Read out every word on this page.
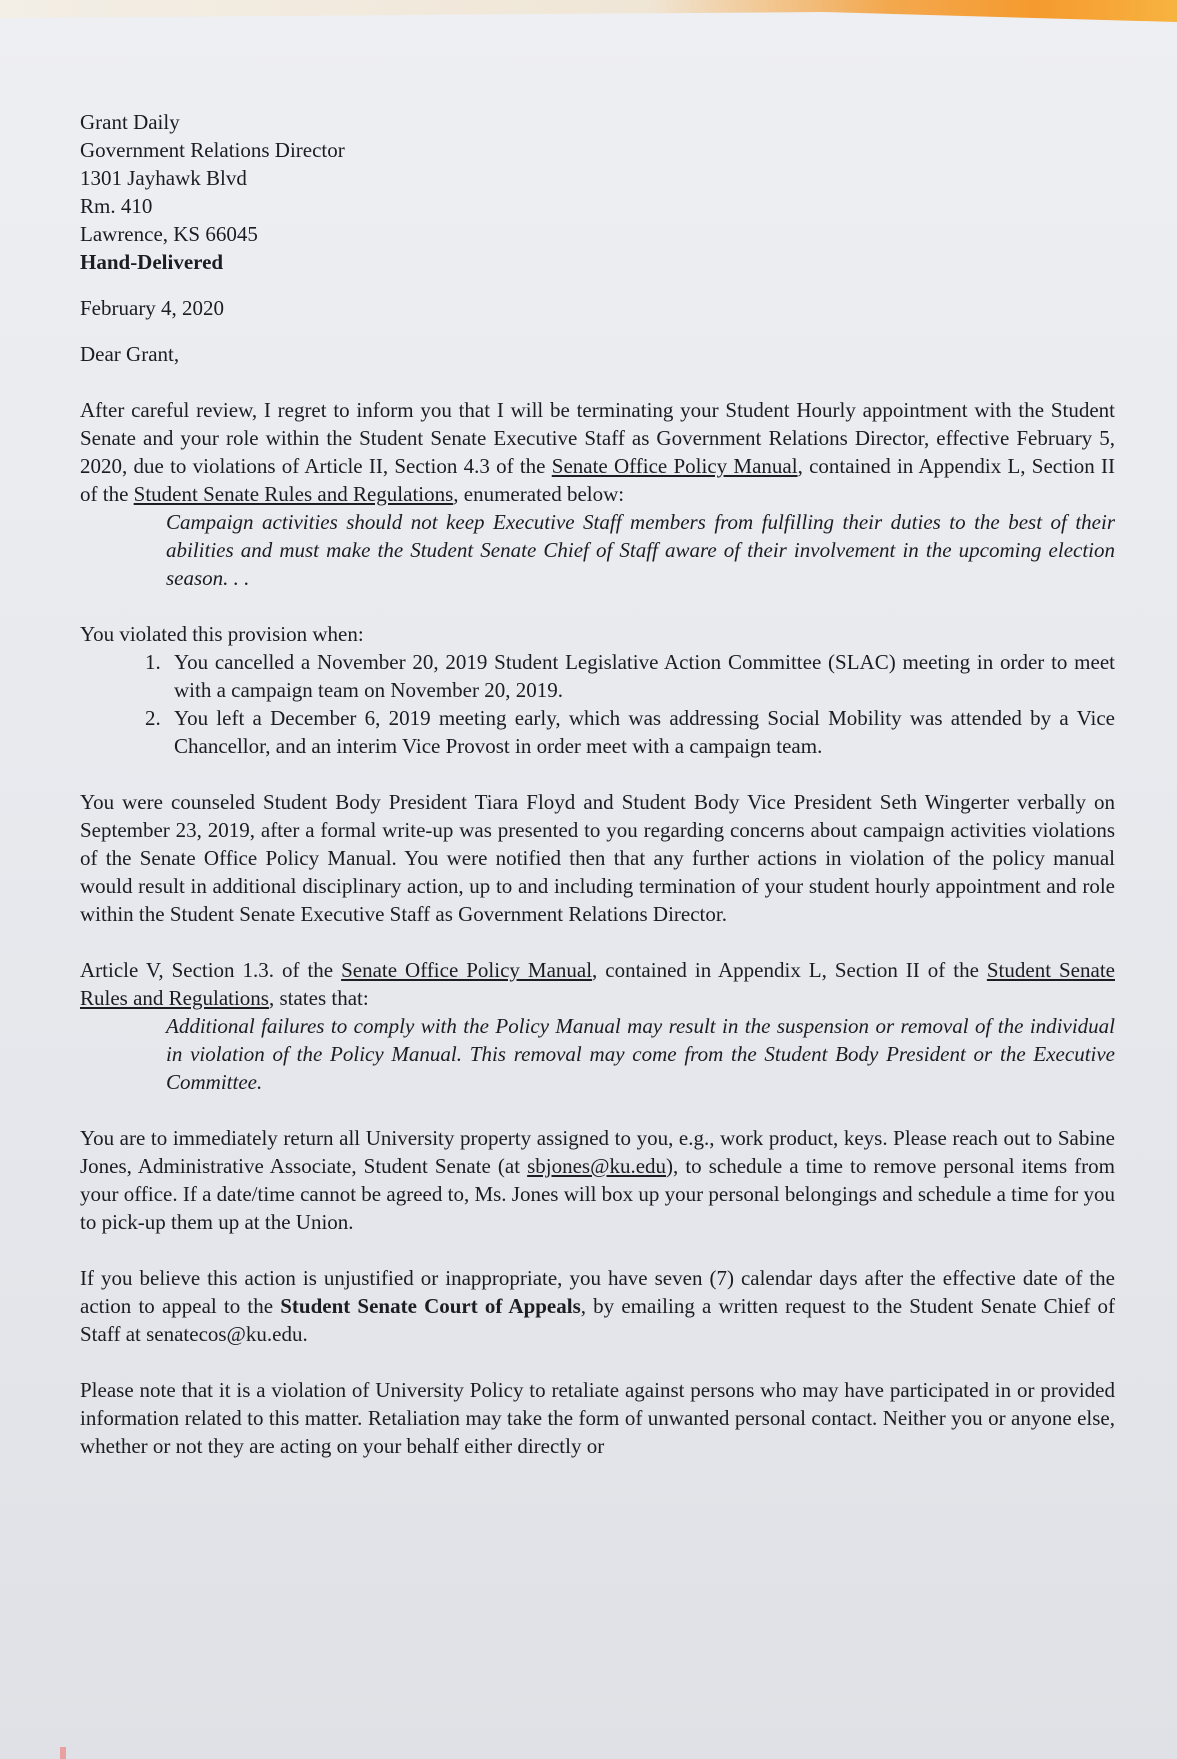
Grant Daily
Government Relations Director
1301 Jayhawk Blvd
Rm. 410
Lawrence, KS 66045
Hand-Delivered
February 4, 2020
Dear Grant,

After careful review, I regret to inform you that I will be terminating your Student Hourly appointment with the Student Senate and your role within the Student Senate Executive Staff as Government Relations Director, effective February 5, 2020, due to violations of Article II, Section 4.3 of the Senate Office Policy Manual, contained in Appendix L, Section II of the Student Senate Rules and Regulations, enumerated below:

Campaign activities should not keep Executive Staff members from fulfilling their duties to the best of their abilities and must make the Student Senate Chief of Staff aware of their involvement in the upcoming election season. . .

You violated this provision when:
1. You cancelled a November 20, 2019 Student Legislative Action Committee (SLAC) meeting in order to meet with a campaign team on November 20, 2019.
2. You left a December 6, 2019 meeting early, which was addressing Social Mobility was attended by a Vice Chancellor, and an interim Vice Provost in order meet with a campaign team.

You were counseled Student Body President Tiara Floyd and Student Body Vice President Seth Wingerter verbally on September 23, 2019, after a formal write-up was presented to you regarding concerns about campaign activities violations of the Senate Office Policy Manual. You were notified then that any further actions in violation of the policy manual would result in additional disciplinary action, up to and including termination of your student hourly appointment and role within the Student Senate Executive Staff as Government Relations Director.

Article V, Section 1.3. of the Senate Office Policy Manual, contained in Appendix L, Section II of the Student Senate Rules and Regulations, states that:

Additional failures to comply with the Policy Manual may result in the suspension or removal of the individual in violation of the Policy Manual. This removal may come from the Student Body President or the Executive Committee.

You are to immediately return all University property assigned to you, e.g., work product, keys. Please reach out to Sabine Jones, Administrative Associate, Student Senate (at sbjones@ku.edu), to schedule a time to remove personal items from your office. If a date/time cannot be agreed to, Ms. Jones will box up your personal belongings and schedule a time for you to pick-up them up at the Union.

If you believe this action is unjustified or inappropriate, you have seven (7) calendar days after the effective date of the action to appeal to the Student Senate Court of Appeals, by emailing a written request to the Student Senate Chief of Staff at senatecos@ku.edu.

Please note that it is a violation of University Policy to retaliate against persons who may have participated in or provided information related to this matter. Retaliation may take the form of unwanted personal contact. Neither you or anyone else, whether or not they are acting on your behalf either directly or
